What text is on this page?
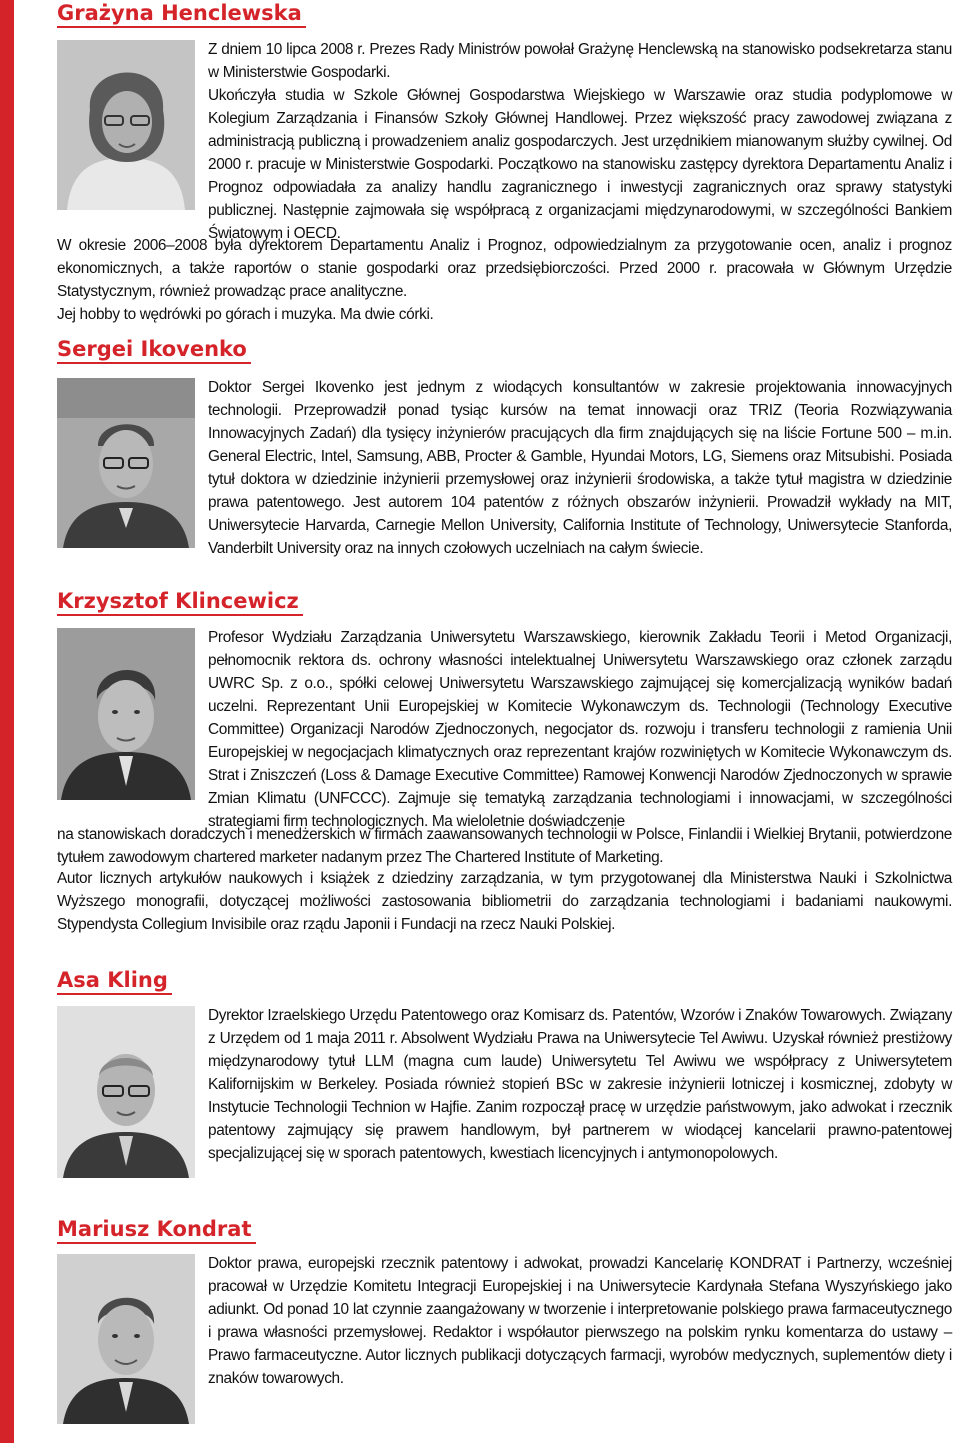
Grażyna Henclewska

Z dniem 10 lipca 2008 r. Prezes Rady Ministrów powołał Grażynę Henclewską na stanowisko podsekretarza stanu w Ministerstwie Gospodarki.

Ukończyła studia w Szkole Głównej Gospodarstwa Wiejskiego w Warszawie oraz studia podyplomowe w Kolegium Zarządzania i Finansów Szkoły Głównej Handlowej. Przez większość pracy zawodowej związana z administracją publiczną i prowadzeniem analiz gospodarczych. Jest urzędnikiem mianowanym służby cywilnej. Od 2000 r. pracuje w Ministerstwie Gospodarki. Początkowo na stanowisku zastępcy dyrektora Departamentu Analiz i Prognoz odpowiadała za analizy handlu zagranicznego i inwestycji zagranicznych oraz sprawy statystyki publicznej. Następnie zajmowała się współpracą z organizacjami międzynarodowymi, w szczególności Bankiem Światowym i OECD.

W okresie 2006–2008 była dyrektorem Departamentu Analiz i Prognoz, odpowiedzialnym za przygotowanie ocen, analiz i prognoz ekonomicznych, a także raportów o stanie gospodarki oraz przedsiębiorczości. Przed 2000 r. pracowała w Głównym Urzędzie Statystycznym, również prowadząc prace analityczne.

Jej hobby to wędrówki po górach i muzyka. Ma dwie córki.

Sergei Ikovenko

Doktor Sergei Ikovenko jest jednym z wiodących konsultantów w zakresie projektowania innowacyjnych technologii. Przeprowadził ponad tysiąc kursów na temat innowacji oraz TRIZ (Teoria Rozwiązywania Innowacyjnych Zadań) dla tysięcy inżynierów pracujących dla firm znajdujących się na liście Fortune 500 – m.in. General Electric, Intel, Samsung, ABB, Procter & Gamble, Hyundai Motors, LG, Siemens oraz Mitsubishi. Posiada tytuł doktora w dziedzinie inżynierii przemysłowej oraz inżynierii środowiska, a także tytuł magistra w dziedzinie prawa patentowego. Jest autorem 104 patentów z różnych obszarów inżynierii. Prowadził wykłady na MIT, Uniwersytecie Harvarda, Carnegie Mellon University, California Institute of Technology, Uniwersytecie Stanforda, Vanderbilt University oraz na innych czołowych uczelniach na całym świecie.

Krzysztof Klincewicz

Profesor Wydziału Zarządzania Uniwersytetu Warszawskiego, kierownik Zakładu Teorii i Metod Organizacji, pełnomocnik rektora ds. ochrony własności intelektualnej Uniwersytetu Warszawskiego oraz członek zarządu UWRC Sp. z o.o., spółki celowej Uniwersytetu Warszawskiego zajmującej się komercjalizacją wyników badań uczelni. Reprezentant Unii Europejskiej w Komitecie Wykonawczym ds. Technologii (Technology Executive Committee) Organizacji Narodów Zjednoczonych, negocjator ds. rozwoju i transferu technologii z ramienia Unii Europejskiej w negocjacjach klimatycznych oraz reprezentant krajów rozwiniętych w Komitecie Wykonawczym ds. Strat i Zniszczeń (Loss & Damage Executive Committee) Ramowej Konwencji Narodów Zjednoczonych w sprawie Zmian Klimatu (UNFCCC). Zajmuje się tematyką zarządzania technologiami i innowacjami, w szczególności strategiami firm technologicznych. Ma wieloletnie doświadczenie

na stanowiskach doradczych i menedżerskich w firmach zaawansowanych technologii w Polsce, Finlandii i Wielkiej Brytanii, potwierdzone tytułem zawodowym chartered marketer nadanym przez The Chartered Institute of Marketing.

Autor licznych artykułów naukowych i książek z dziedziny zarządzania, w tym przygotowanej dla Ministerstwa Nauki i Szkolnictwa Wyższego monografii, dotyczącej możliwości zastosowania bibliometrii do zarządzania technologiami i badaniami naukowymi. Stypendysta Collegium Invisibile oraz rządu Japonii i Fundacji na rzecz Nauki Polskiej.

Asa Kling

Dyrektor Izraelskiego Urzędu Patentowego oraz Komisarz ds. Patentów, Wzorów i Znaków Towarowych. Związany z Urzędem od 1 maja 2011 r. Absolwent Wydziału Prawa na Uniwersytecie Tel Awiwu. Uzyskał również prestiżowy międzynarodowy tytuł LLM (magna cum laude) Uniwersytetu Tel Awiwu we współpracy z Uniwersytetem Kalifornijskim w Berkeley. Posiada również stopień BSc w zakresie inżynierii lotniczej i kosmicznej, zdobyty w Instytucie Technologii Technion w Hajfie. Zanim rozpoczął pracę w urzędzie państwowym, jako adwokat i rzecznik patentowy zajmujący się prawem handlowym, był partnerem w wiodącej kancelarii prawno-patentowej specjalizującej się w sporach patentowych, kwestiach licencyjnych i antymonopolowych.

Mariusz Kondrat

Doktor prawa, europejski rzecznik patentowy i adwokat, prowadzi Kancelarię KONDRAT i Partnerzy, wcześniej pracował w Urzędzie Komitetu Integracji Europejskiej i na Uniwersytecie Kardynała Stefana Wyszyńskiego jako adiunkt. Od ponad 10 lat czynnie zaangażowany w tworzenie i interpretowanie polskiego prawa farmaceutycznego i prawa własności przemysłowej. Redaktor i współautor pierwszego na polskim rynku komentarza do ustawy – Prawo farmaceutyczne. Autor licznych publikacji dotyczących farmacji, wyrobów medycznych, suplementów diety i znaków towarowych.
